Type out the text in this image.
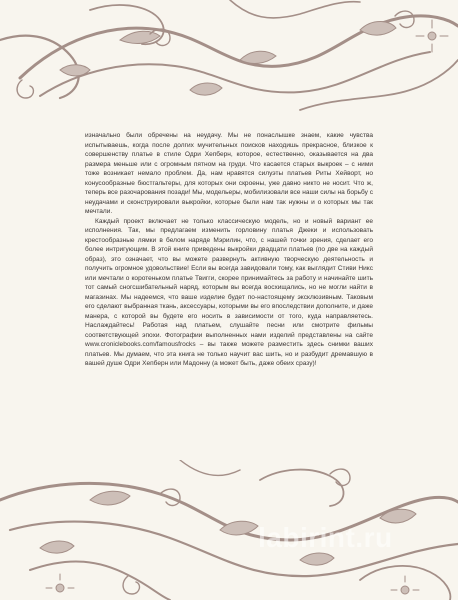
изначально были обречены на неудачу. Мы не понаслышке знаем, какие чувства испытываешь, когда после долгих мучительных поисков находишь прекрасное, близкое к совершенству платье в стиле Одри Хепберн, которое, естественно, оказывается на два размера меньше или с огромным пятном на груди. Что касается старых выкроек – с ними тоже возникает немало проблем. Да, нам нравятся силуэты платьев Риты Хейворт, но конусообразные бюстгальтеры, для которых они скроены, уже давно никто не носит. Что ж, теперь все разочарования позади! Мы, модельеры, мобилизовали все наши силы на борьбу с неудачами и сконструировали выкройки, которые были нам так нужны и о которых мы так мечтали.

Каждый проект включает не только классическую модель, но и новый вариант ее исполнения. Так, мы предлагаем изменить горловину платья Джеки и использовать крестообразные лямки в белом наряде Мэрилин, что, с нашей точки зрения, сделает его более интригующим. В этой книге приведены выкройки двадцати платьев (по две на каждый образ), это означает, что вы можете развернуть активную творческую деятельность и получить огромное удовольствие! Если вы всегда завидовали тому, как выглядит Стиви Никс или мечтали о коротеньком платье Твигги, скорее принимайтесь за работу и начинайте шить тот самый сногсшибательный наряд, которым вы всегда восхищались, но не могли найти в магазинах. Мы надеемся, что ваше изделие будет по-настоящему эксклюзивным. Таковым его сделают выбранная ткань, аксессуары, которыми вы его впоследствии дополните, и даже манера, с которой вы будете его носить в зависимости от того, куда направляетесь. Наслаждайтесь! Работая над платьем, слушайте песни или смотрите фильмы соответствующей эпохи. Фотографии выполненных нами изделий представлены на сайте www.croniclebooks.com/famousfrocks – вы также можете разместить здесь снимки ваших платьев. Мы думаем, что эта книга не только научит вас шить, но и разбудит дремавшую в вашей душе Одри Хепберн или Мадонну (а может быть, даже обеих сразу)!

labirint.ru
